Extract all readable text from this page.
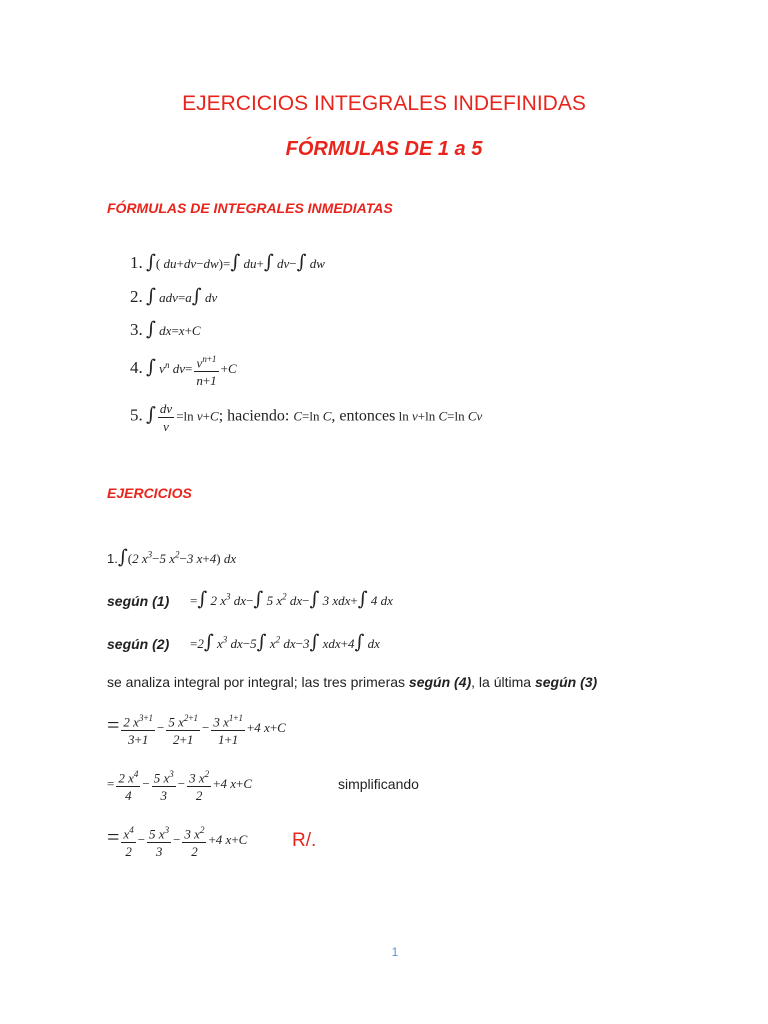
EJERCICIOS INTEGRALES INDEFINIDAS
FÓRMULAS DE 1 a 5
FÓRMULAS DE INTEGRALES INMEDIATAS
1. ∫( du+dv−dw)=∫ du+∫ dv−∫ dw
2. ∫ adv=a∫ dv
3. ∫ dx=x+C
4. ∫ $v^n$ $dv= \frac{v^{n+1}}{n+1} +C$
5. ∫ $\frac{dv}{v} =\ln$ v+C; haciendo: C=ln C, entonces ln v+ln C=ln Cv
EJERCICIOS
1.∫(2 $x^3-5$ $x^2-3$ x+4) dx
según (1) =∫ 2 $x^3$ dx−∫ 5 $x^2$ dx−∫ 3 xdx+∫ 4 dx
según (2) =2∫ $x^3$ dx−5∫ $x^2$ dx−3∫ xdx+4∫ dx
se analiza integral por integral; las tres primeras según (4), la última según (3)
= $\frac{2 x^{3+1}}{3+1} - \frac{5 x^{2+1}}{2+1} - \frac{3 x^{1+1}}{1+1} +4$ x+C
= $\frac{2 x^4}{4} - \frac{5 x^3}{3} - \frac{3 x^2}{2} +4$ x+C	simplificando
= $\frac{x^4}{2} - \frac{5 x^3}{3} - \frac{3 x^2}{2} +4$ x+C R/.
1
